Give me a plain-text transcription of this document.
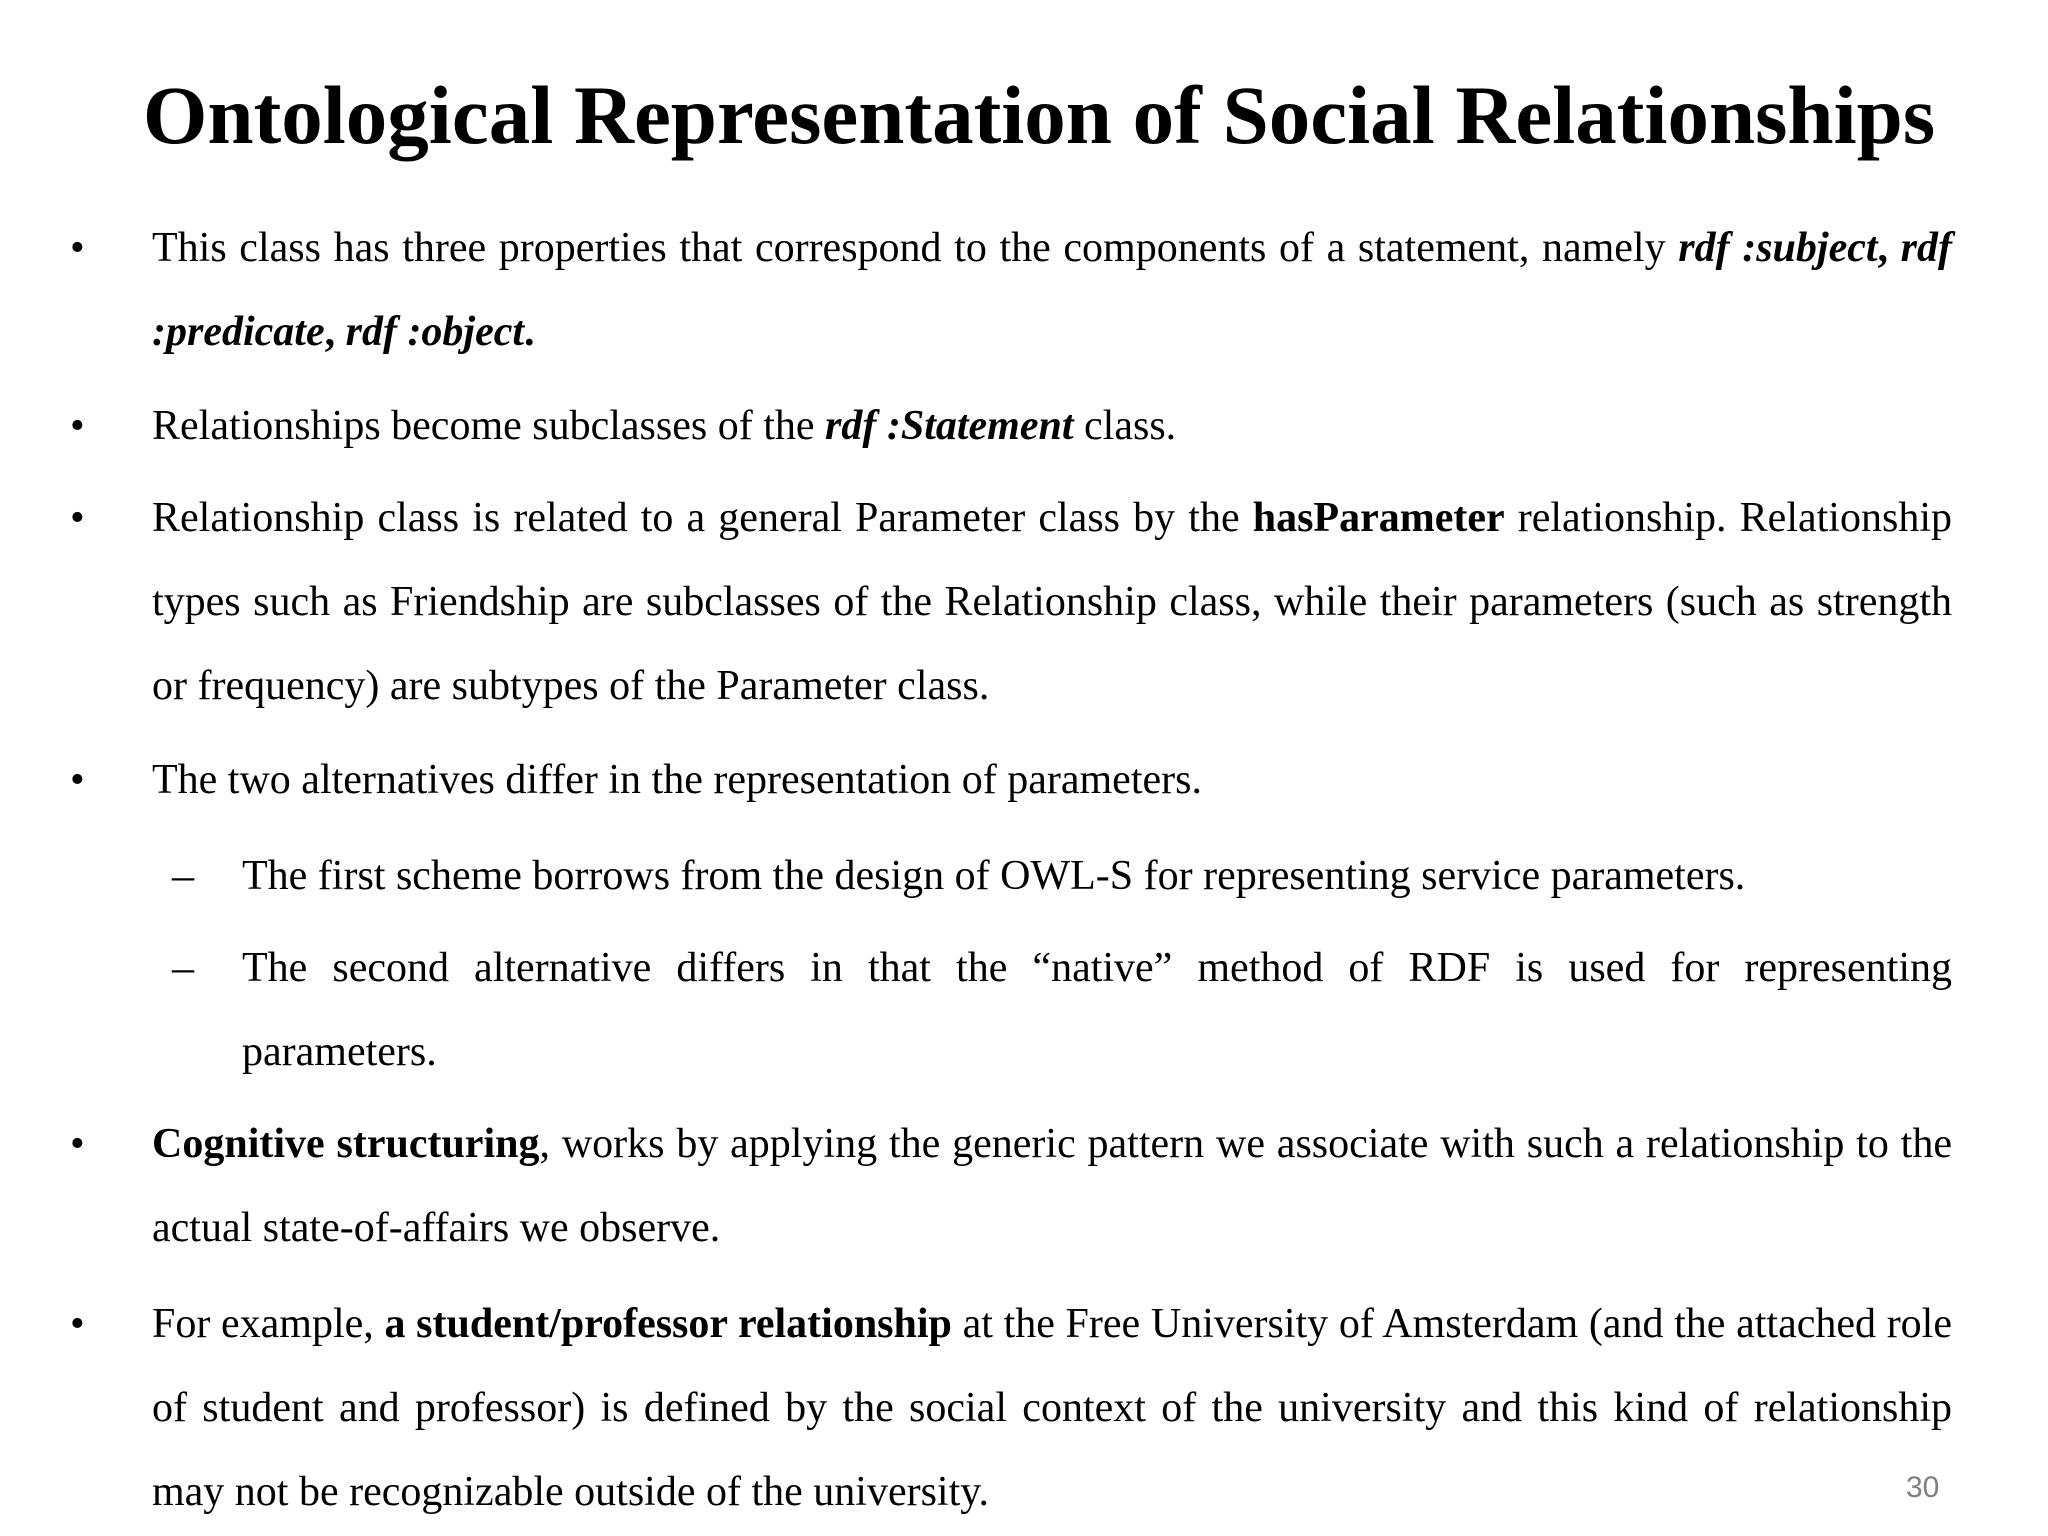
Ontological Representation of Social Relationships
• This class has three properties that correspond to the components of a statement, namely rdf :subject, rdf :predicate, rdf :object.
• Relationships become subclasses of the rdf :Statement class.
• Relationship class is related to a general Parameter class by the hasParameter relationship. Relationship types such as Friendship are subclasses of the Relationship class, while their parameters (such as strength or frequency) are subtypes of the Parameter class.
• The two alternatives differ in the representation of parameters.
– The first scheme borrows from the design of OWL-S for representing service parameters.
– The second alternative differs in that the “native” method of RDF is used for representing parameters.
• Cognitive structuring, works by applying the generic pattern we associate with such a relationship to the actual state-of-affairs we observe.
• For example, a student/professor relationship at the Free University of Amsterdam (and the attached role of student and professor) is defined by the social context of the university and this kind of relationship may not be recognizable outside of the university.	30
